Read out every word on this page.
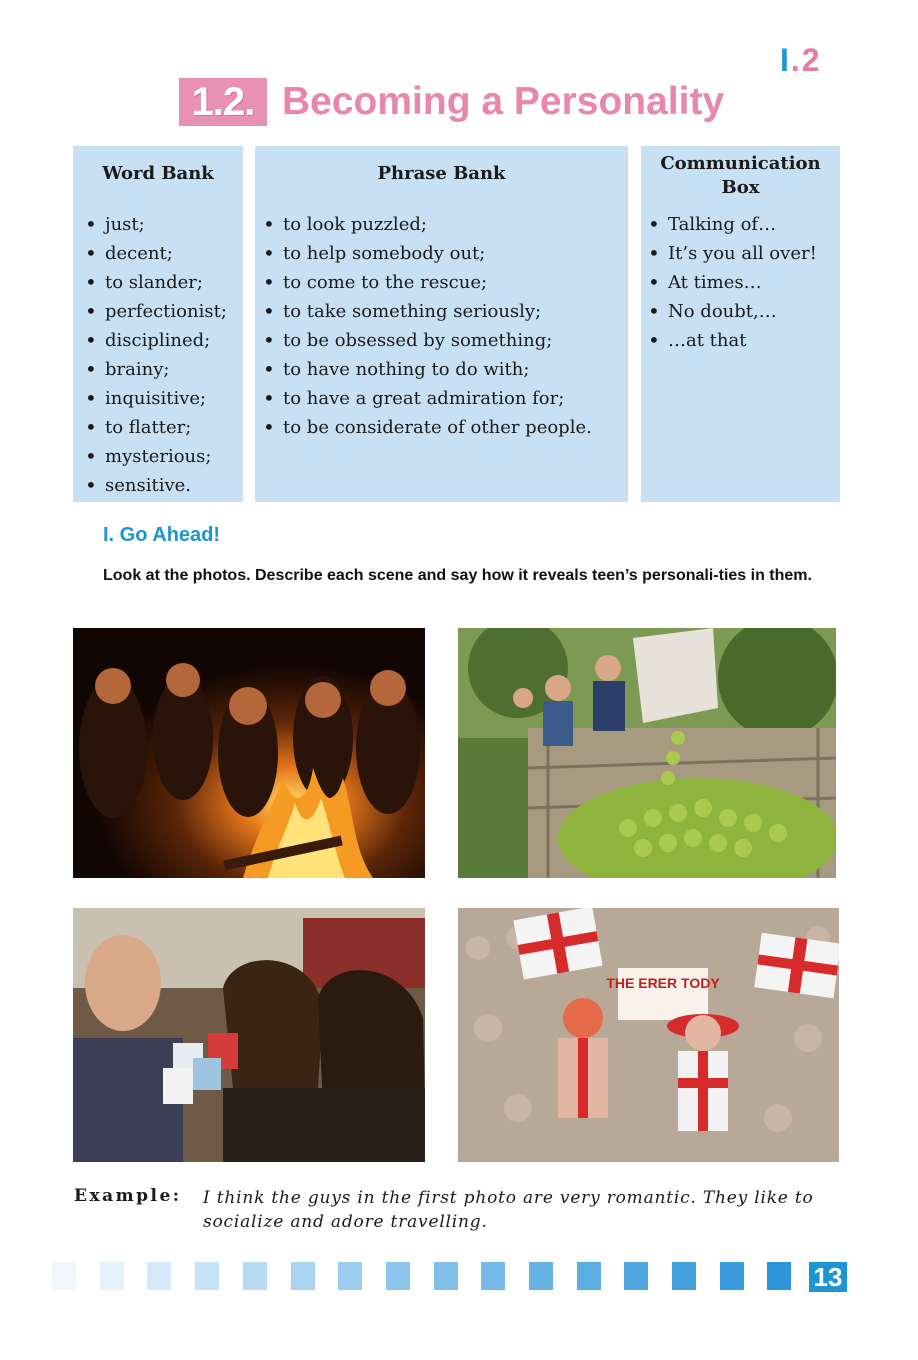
I.2
1.2. Becoming a Personality
Word Bank
• just;
• decent;
• to slander;
• perfectionist;
• disciplined;
• brainy;
• inquisitive;
• to flatter;
• mysterious;
• sensitive.
Phrase Bank
• to look puzzled;
• to help somebody out;
• to come to the rescue;
• to take something seriously;
• to be obsessed by something;
• to have nothing to do with;
• to have a great admiration for;
• to be considerate of other people.
Communication
Box
• Talking of…
• It’s you all over!
• At times…
• No doubt,…
• …at that
I. Go Ahead!
Look at the photos. Describe each scene and say how it reveals teen’s personali-ties in them.
THE ERER TODY
Example: I think the guys in the first photo are very romantic. They like to socialize and adore travelling.
13
